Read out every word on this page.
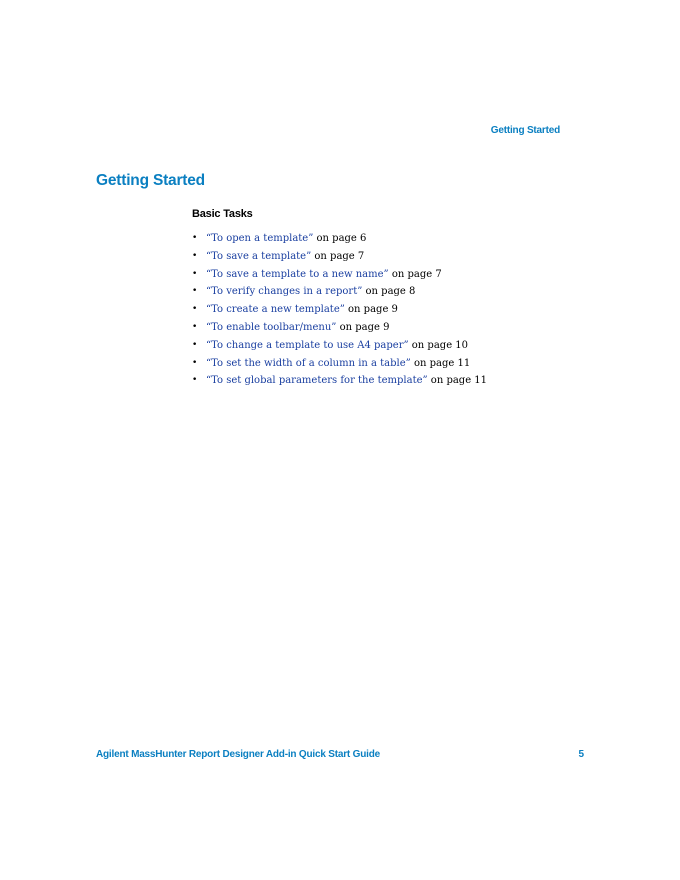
Getting Started
Getting Started
Basic Tasks
• “To open a template” on page 6
• “To save a template” on page 7
• “To save a template to a new name” on page 7
• “To verify changes in a report” on page 8
• “To create a new template” on page 9
• “To enable toolbar/menu” on page 9
• “To change a template to use A4 paper” on page 10
• “To set the width of a column in a table” on page 11
• “To set global parameters for the template” on page 11
Agilent MassHunter Report Designer Add-in Quick Start Guide	5
